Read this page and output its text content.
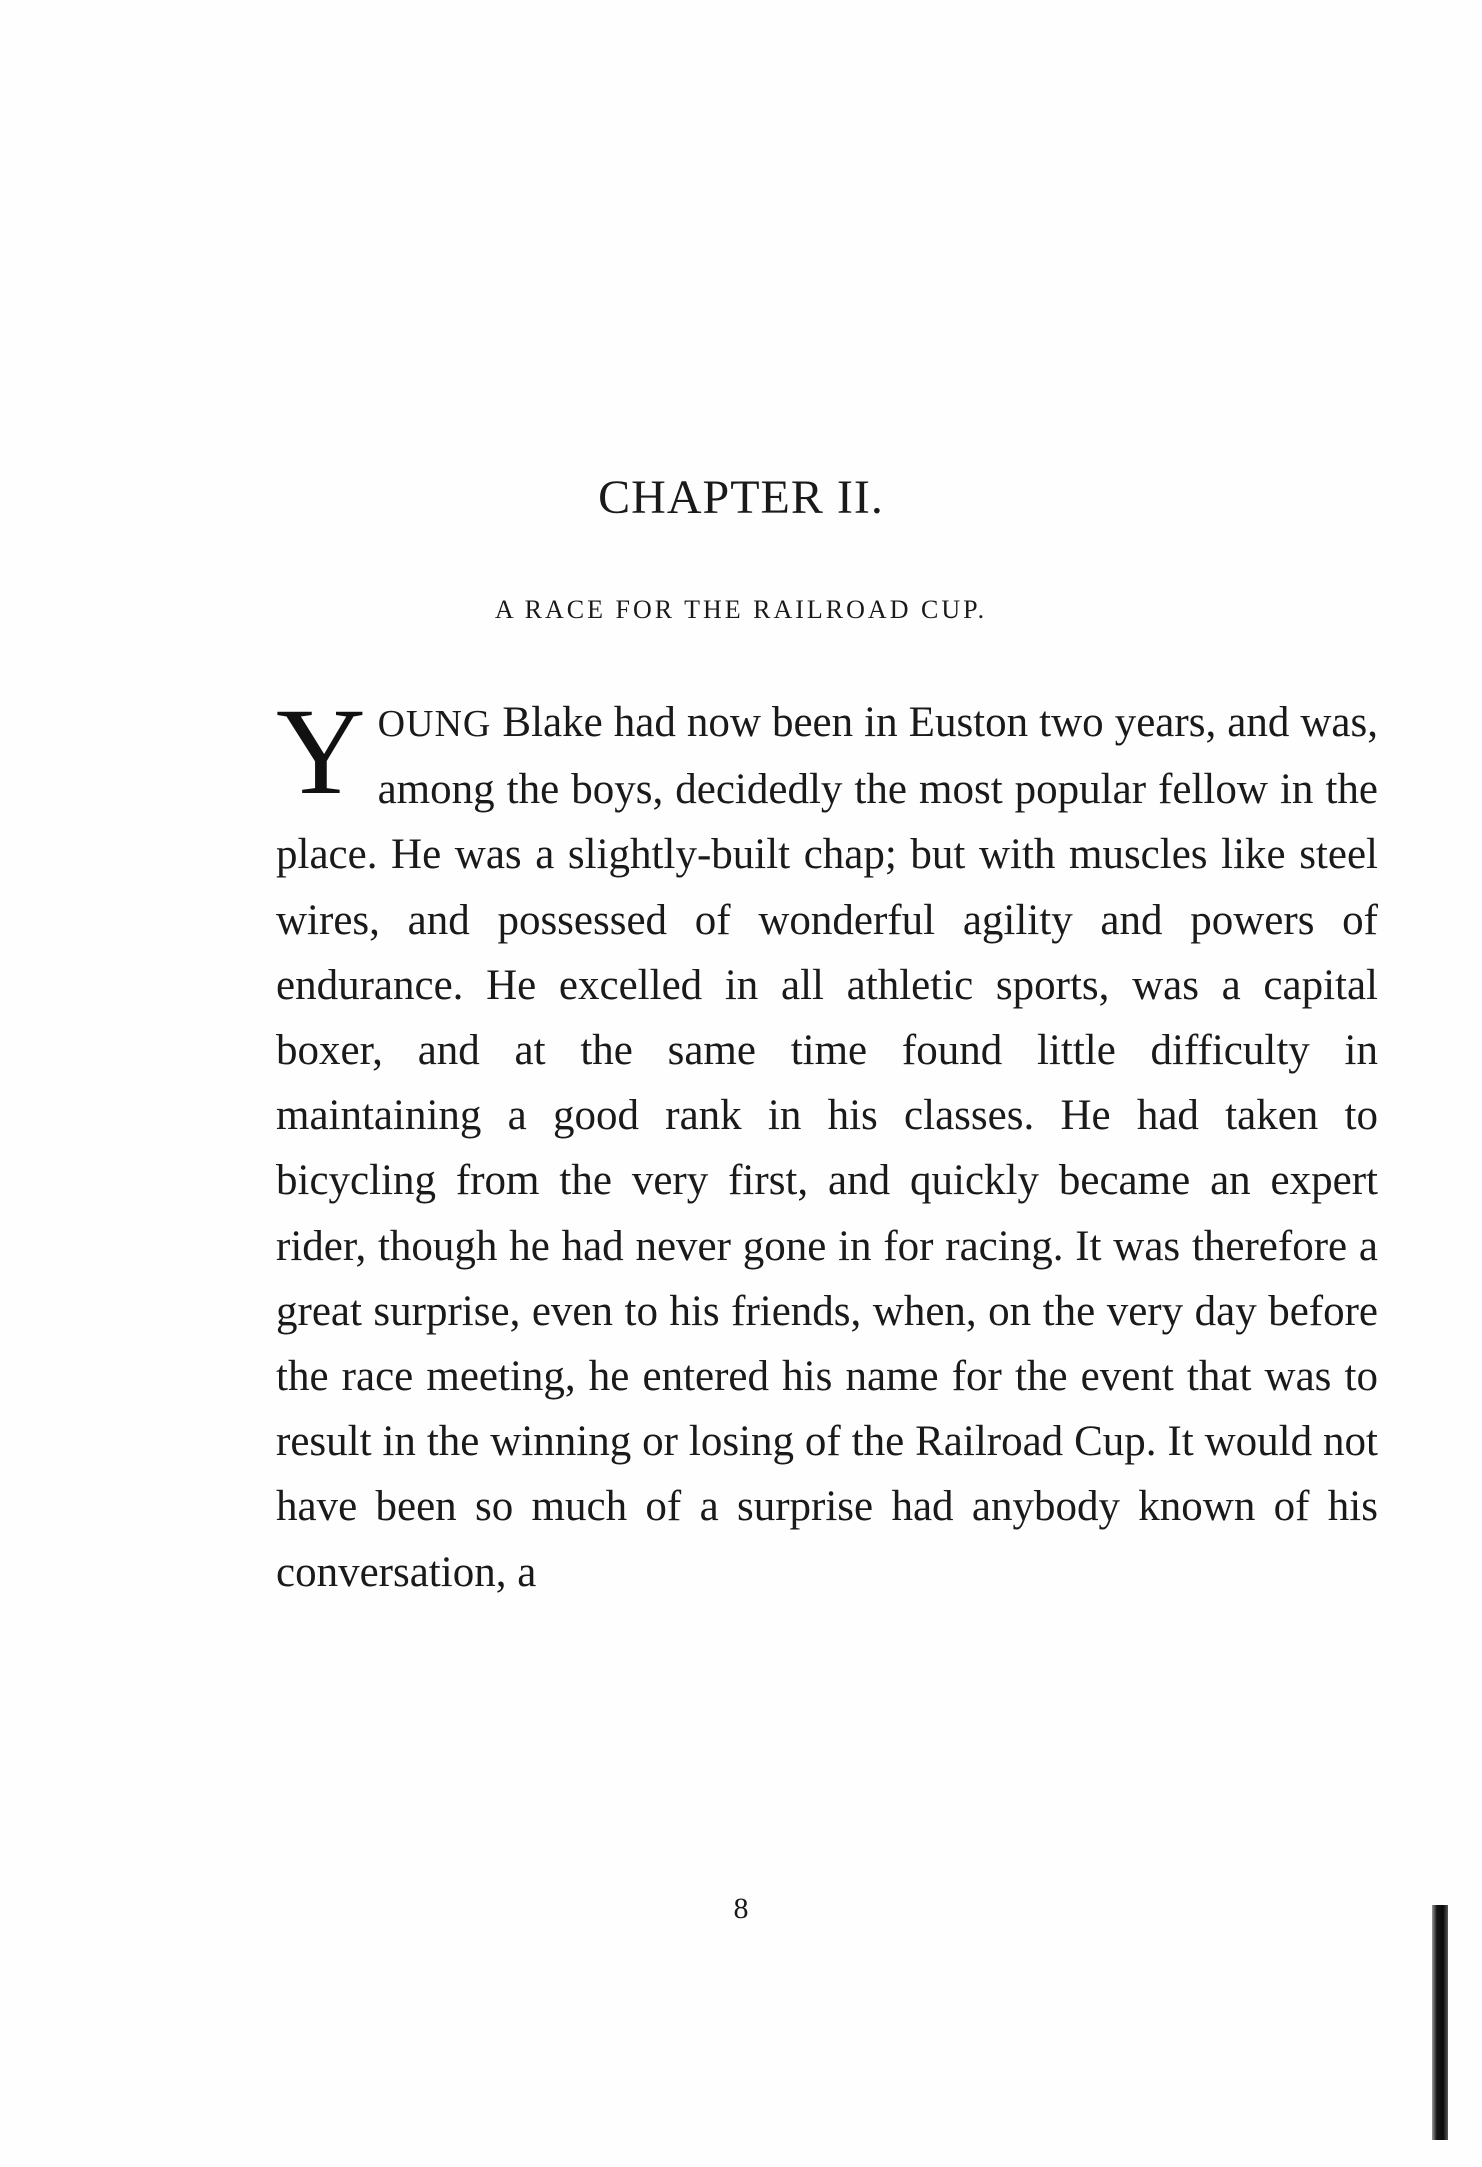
CHAPTER II.
A RACE FOR THE RAILROAD CUP.

YOUNG Blake had now been in Euston two years, and was, among the boys, decidedly the most popular fellow in the place. He was a slightly-built chap; but with muscles like steel wires, and possessed of wonderful agility and powers of endurance. He excelled in all athletic sports, was a capital boxer, and at the same time found little difficulty in maintaining a good rank in his classes. He had taken to bicycling from the very first, and quickly became an expert rider, though he had never gone in for racing. It was therefore a great surprise, even to his friends, when, on the very day before the race meeting, he entered his name for the event that was to result in the winning or losing of the Railroad Cup. It would not have been so much of a surprise had anybody known of his conversation, a

8
